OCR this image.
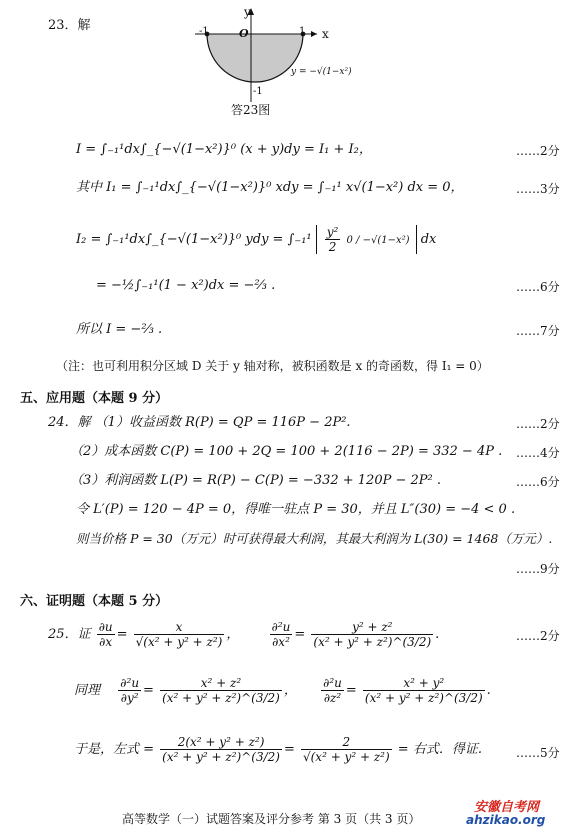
23．解
y
x
O
-1	1
-1
y = −√(1−x²)
答23图
I = ∫₋₁¹dx∫_{−√(1−x²)}⁰ (x + y)dy = I₁ + I₂，	……2分
其中 I₁ = ∫₋₁¹dx∫_{−√(1−x²)}⁰ xdy = ∫₋₁¹ x√(1−x²) dx = 0，	……3分
I₂ = ∫₋₁¹dx∫_{−√(1−x²)}⁰ ydy = $\int_{-1}^1 \frac{\text{y²}}{2} 0 / -√(1-x^2)$ dx
= −½∫₋₁¹(1 − x²)dx = −⅔ .	……6分
所以 I = −⅔ .	……7分
（注：也可利用积分区域 D 关于 y 轴对称，被积函数是 x 的奇函数，得 I₁ = 0）
五、应用题（本题 9 分）
24．解 （1）收益函数 R(P) = QP = 116P − 2P².	……2分
（2）成本函数 C(P) = 100 + 2Q = 100 + 2(116 − 2P) = 332 − 4P . ……4分
（3）利润函数 L(P) = R(P) − C(P) = −332 + 120P − 2P² .	……6分
令 L′(P) = 120 − 4P = 0，得唯一驻点 P = 30，并且 L″(30) = −4 < 0 .
则当价格 P = 30（万元）时可获得最大利润，其最大利润为 L(30) = 1468（万元）.
……9分
六、证明题（本题 5 分）
25．证 $\frac{\partial u}{\partial x} = \frac{x}{\text{√(x² + y² + z²)}}$ ， $\frac{\text{∂²u}}{\text{∂x²}} = \frac{\text{y² + z²}}{\text{(x² + y² + z²)\textasciicircum{}(3/2)}}$ .	……2分
同理 $\frac{\text{∂²u}}{\text{∂y²}} = \frac{\text{x² + z²}}{\text{(x² + y² + z²)\textasciicircum{}(3/2)}}$ ， $\frac{\text{∂²u}}{\text{∂z²}} = \frac{\text{x² + y²}}{\text{(x² + y² + z²)\textasciicircum{}(3/2)}}$ .
于是，左式 = $\frac{\text{2(x² + y² + z²)}}{\text{(x² + y² + z²)\textasciicircum{}(3/2)}} = \frac{2}{\text{√(x² + y² + z²)}}$ = 右式．得证.	……5分
高等数学（一）试题答案及评分参考 第 3 页（共 3 页）
安徽自考网
ahzikao.org
